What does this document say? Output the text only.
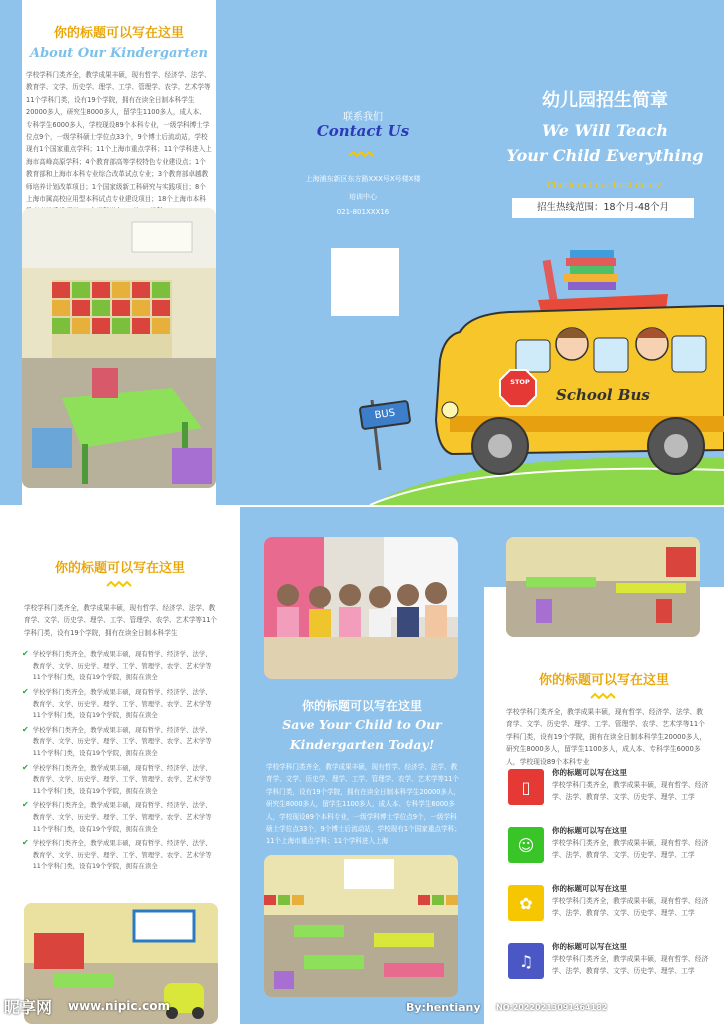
你的标题可以写在这里
About Our Kindergarten
学校学科门类齐全，教学成果丰硕，现有哲学、经济学、法学、教育学、文学、历史学、理学、工学、管理学、农学、艺术学等11个学科门类，设有19个学院，拥有在读全日制本科学生20000多人，研究生8000多人，留学生1100多人，成人本、专科学生6000多人，学校现设89个本科专业，一级学科博士学位点9个，一级学科硕士学位点33个，9个博士后流动站，学校现有1个国家重点学科；11个上海市重点学科；11个学科进入上海市高峰高原学科；4个教育部高等学校特色专业建设点；1个教育部和上海市本科专业综合改革试点专业；3个教育部卓越教师培养计划改革项目；1个国家级新工科研究与实践项目；8个上海市属高校应用型本科试点专业建设项目；18个上海市本科
联系我们
Contact Us
上海浦东新区东方路XXX号X号楼X楼
培训中心
021-801XXX16
幼儿园招生简章
We Will Teach
Your Child Everything
Check out our best deals!
招生热线范围：18个月-48个月
BUS
STOP
School Bus
你的标题可以写在这里
学校学科门类齐全，教学成果丰硕，现有哲学、经济学、法学、教育学、文学、历史学、理学、工学、管理学、农学、艺术学等11个学科门类，设有19个学院，拥有在读全日制本科学生
✔ 学校学科门类齐全，教学成果丰硕，现有哲学、经济学、法学、教育学、文学、历史学、理学、工学、管理学、农学、艺术学等11个学科门类，设有19个学院，拥有在读全
✔ 学校学科门类齐全，教学成果丰硕，现有哲学、经济学、法学、教育学、文学、历史学、理学、工学、管理学、农学、艺术学等11个学科门类，设有19个学院，拥有在读全
✔ 学校学科门类齐全，教学成果丰硕，现有哲学、经济学、法学、教育学、文学、历史学、理学、工学、管理学、农学、艺术学等11个学科门类，设有19个学院，拥有在读全
✔ 学校学科门类齐全，教学成果丰硕，现有哲学、经济学、法学、教育学、文学、历史学、理学、工学、管理学、农学、艺术学等11个学科门类，设有19个学院，拥有在读全
✔ 学校学科门类齐全，教学成果丰硕，现有哲学、经济学、法学、教育学、文学、历史学、理学、工学、管理学、农学、艺术学等11个学科门类，设有19个学院，拥有在读全
✔ 学校学科门类齐全，教学成果丰硕，现有哲学、经济学、法学、教育学、文学、历史学、理学、工学、管理学、农学、艺术学等11个学科门类，设有19个学院，拥有在读全
你的标题可以写在这里
Save Your Child to Our
Kindergarten Today!
学校学科门类齐全，教学成果丰硕，现有哲学、经济学、法学、教育学、文学、历史学、理学、工学、管理学、农学、艺术学等11个学科门类，设有19个学院，拥有在读全日制本科学生20000多人，研究生8000多人，留学生1100多人，成人本、专科学生6000多人，学校现设89个本科专业，一级学科博士学位点9个，一级学科硕士学位点33个，9个博士后流动站，学校现有1个国家重点学科；11个上海市重点学科；11个学科进入上海
你的标题可以写在这里
学校学科门类齐全，教学成果丰硕，现有哲学、经济学、法学、教育学、文学、历史学、理学、工学、管理学、农学、艺术学等11个学科门类，设有19个学院，拥有在读全日制本科学生20000多人，研究生8000多人，留学生1100多人，成人本、专科学生6000多人，学校现设89个本科专业
▯
你的标题可以写在这里
学校学科门类齐全，教学成果丰硕，现有哲学、经济学、法学、教育学、文学、历史学、理学、工学
☺
你的标题可以写在这里
学校学科门类齐全，教学成果丰硕，现有哲学、经济学、法学、教育学、文学、历史学、理学、工学
✿
你的标题可以写在这里
学校学科门类齐全，教学成果丰硕，现有哲学、经济学、法学、教育学、文学、历史学、理学、工学
♫
你的标题可以写在这里
学校学科门类齐全，教学成果丰硕，现有哲学、经济学、法学、教育学、文学、历史学、理学、工学
昵享网 www.nipic.com	By:hentiany NO:20220213091464182
